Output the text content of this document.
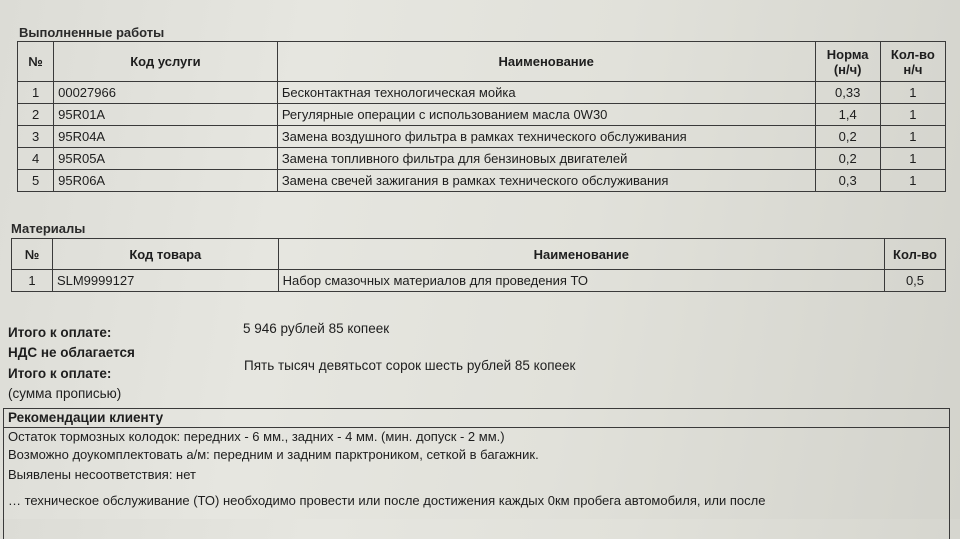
Выполненные работы
№	Код услуги	Наименование	Норма (н/ч)	Кол-во н/ч
1	00027966	Бесконтактная технологическая мойка	0,33	1
2	95R01A	Регулярные операции с использованием масла 0W30	1,4	1
3	95R04A	Замена воздушного фильтра в рамках технического обслуживания	0,2	1
4	95R05A	Замена топливного фильтра для бензиновых двигателей	0,2	1
5	95R06A	Замена свечей зажигания в рамках технического обслуживания	0,3	1
Материалы
№	Код товара	Наименование	Кол-во
1	SLM9999127	Набор смазочных материалов для проведения ТО	0,5
Итого к оплате:	5 946 рублей 85 копеек
НДС не облагается
Итого к оплате:
Пять тысяч девятьсот сорок шесть рублей 85 копеек
(сумма прописью)
Рекомендации клиенту
Остаток тормозных колодок: передних - 6 мм., задних - 4 мм. (мин. допуск - 2 мм.)
Возможно доукомплектовать а/м: передним и задним парктроником, сеткой в багажник.
Выявлены несоответствия: нет
… техническое обслуживание (ТО) необходимо провести или после достижения каждых 0км пробега автомобиля, или после
